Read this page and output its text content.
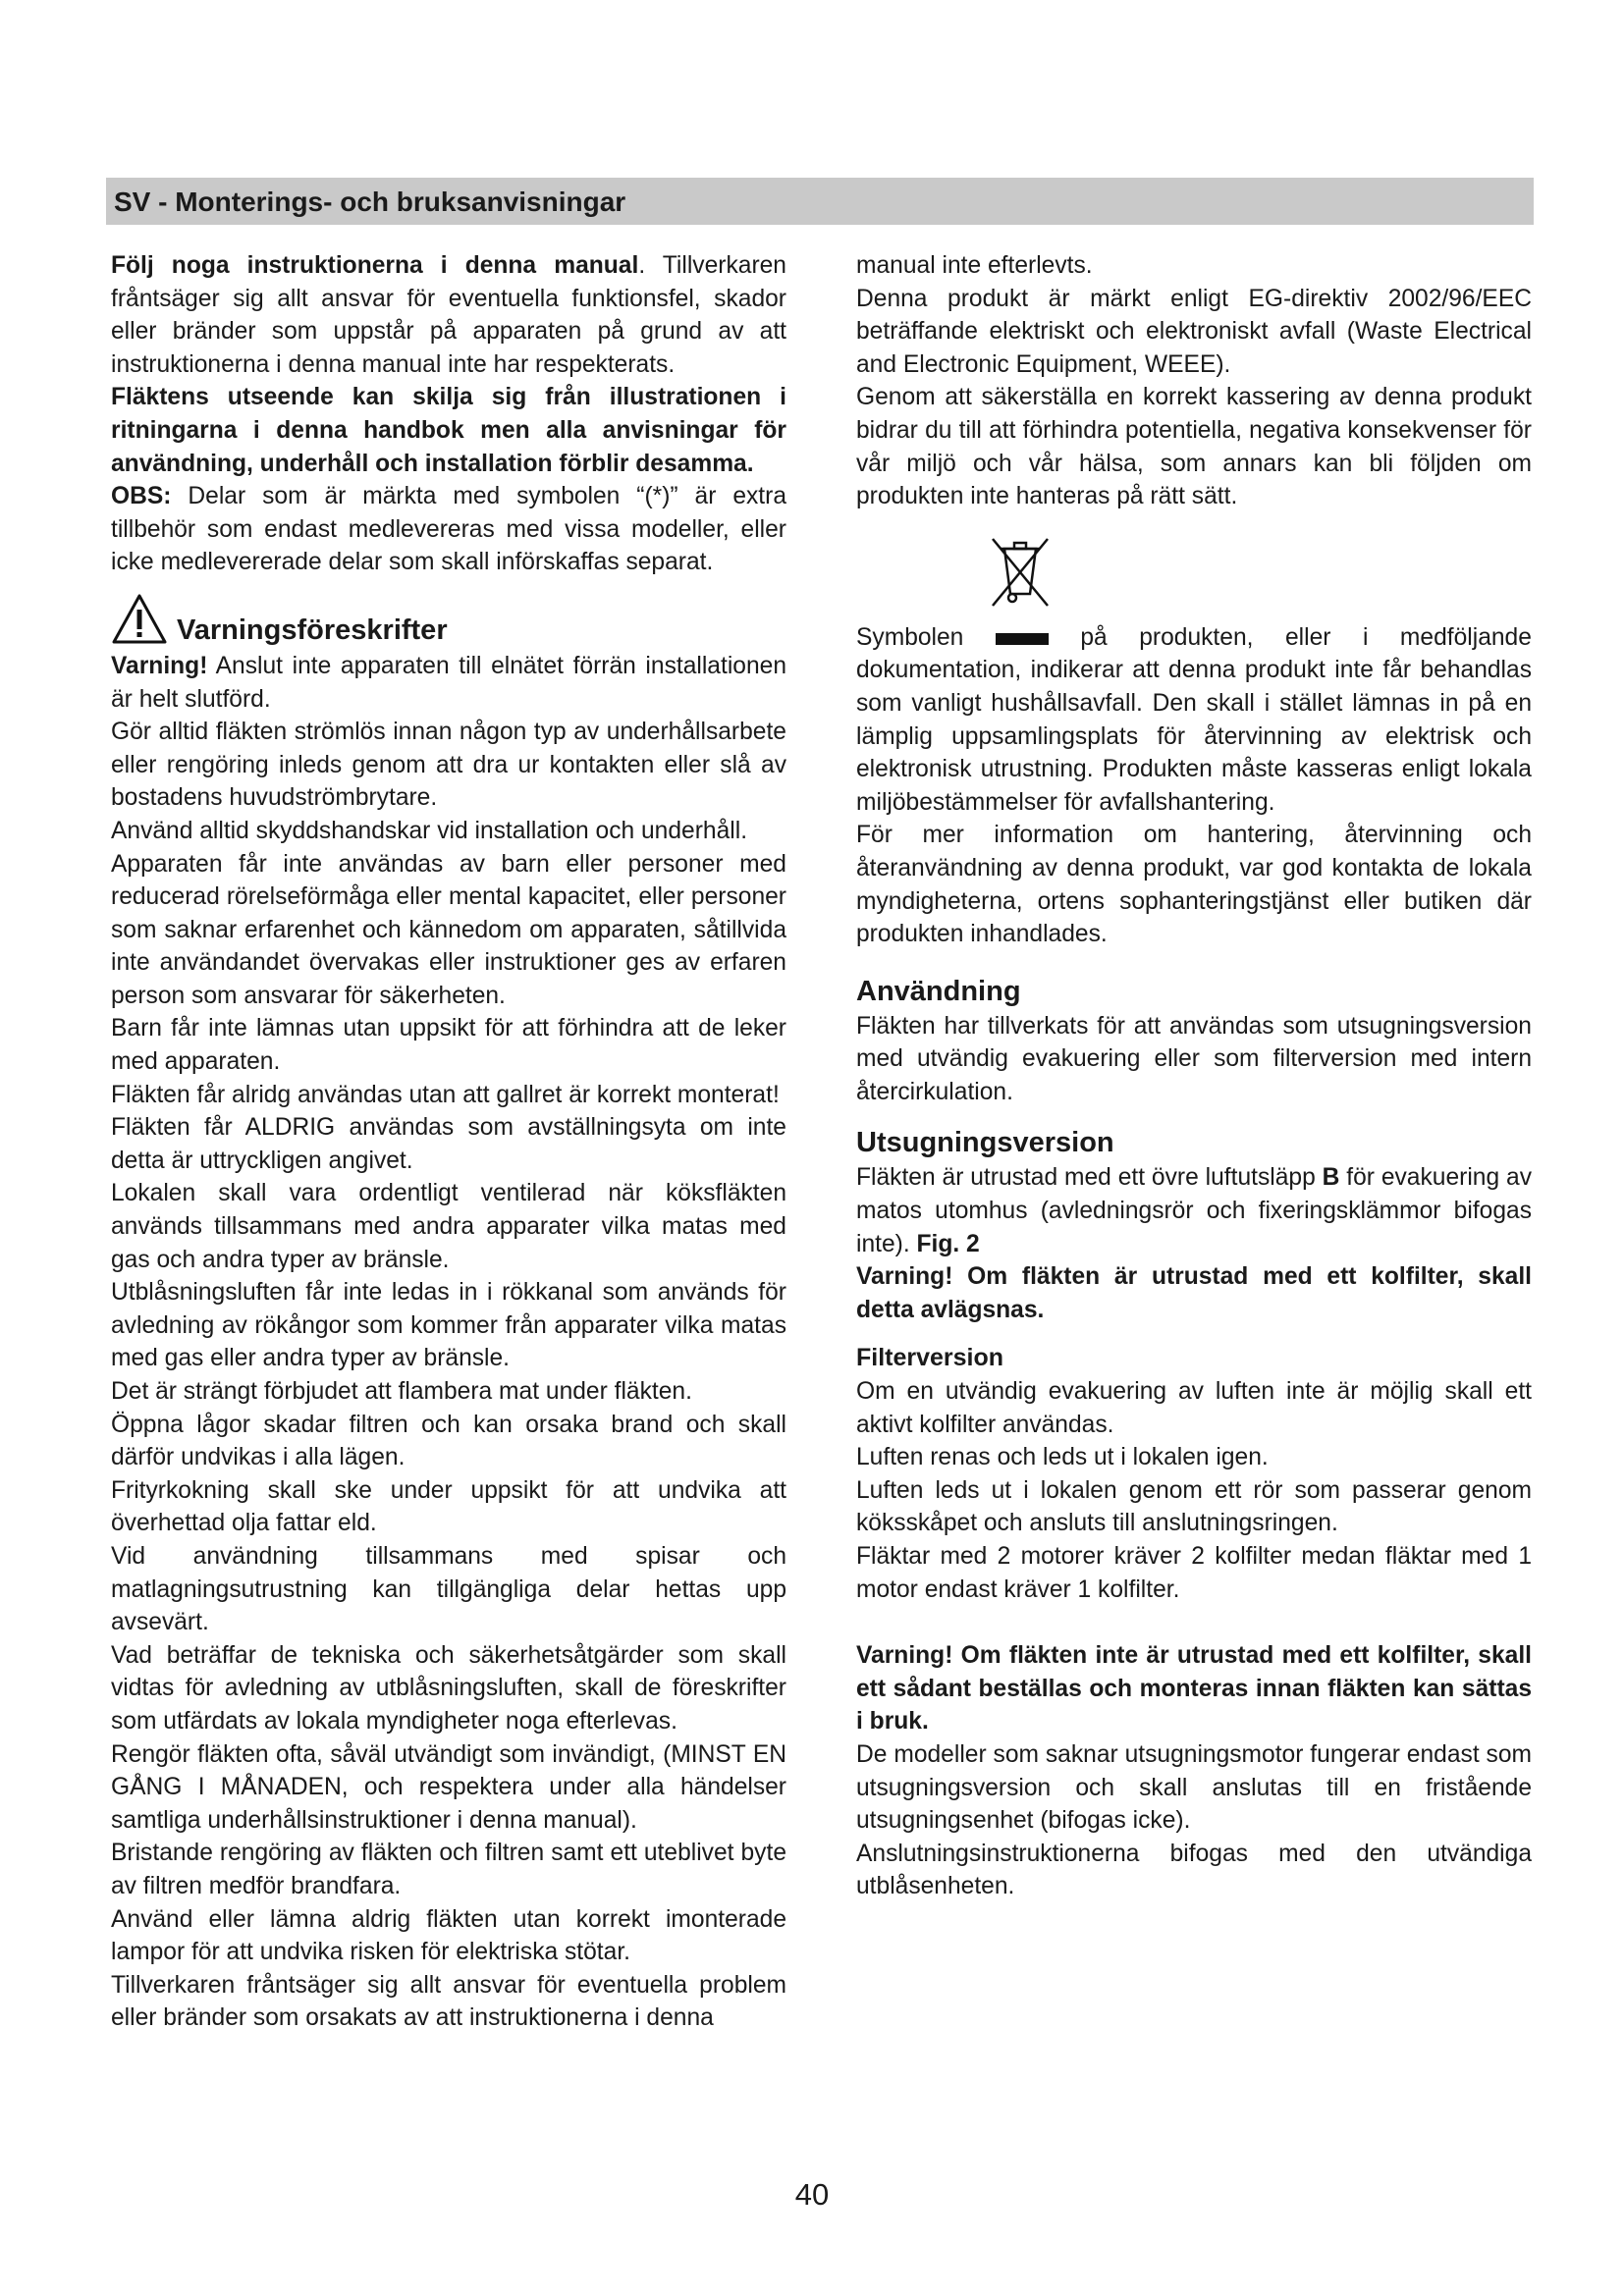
SV - Monterings- och bruksanvisningar

Följ noga instruktionerna i denna manual. Tillverkaren fråntsäger sig allt ansvar för eventuella funktionsfel, skador eller bränder som uppstår på apparaten på grund av att instruktionerna i denna manual inte har respekterats.

Fläktens utseende kan skilja sig från illustrationen i ritningarna i denna handbok men alla anvisningar för användning, underhåll och installation förblir desamma.

OBS: Delar som är märkta med symbolen “(*)” är extra tillbehör som endast medlevereras med vissa modeller, eller icke medlevererade delar som skall införskaffas separat.

Varningsföreskrifter

Varning! Anslut inte apparaten till elnätet förrän installationen är helt slutförd.

Gör alltid fläkten strömlös innan någon typ av underhållsarbete eller rengöring inleds genom att dra ur kontakten eller slå av bostadens huvudströmbrytare.

Använd alltid skyddshandskar vid installation och underhåll.

Apparaten får inte användas av barn eller personer med reducerad rörelseförmåga eller mental kapacitet, eller personer som saknar erfarenhet och kännedom om apparaten, såtillvida inte användandet övervakas eller instruktioner ges av erfaren person som ansvarar för säkerheten.

Barn får inte lämnas utan uppsikt för att förhindra att de leker med apparaten.

Fläkten får alridg användas utan att gallret är korrekt monterat!

Fläkten får ALDRIG användas som avställningsyta om inte detta är uttryckligen angivet.

Lokalen skall vara ordentligt ventilerad när köksfläkten används tillsammans med andra apparater vilka matas med gas och andra typer av bränsle.

Utblåsningsluften får inte ledas in i rökkanal som används för avledning av rökångor som kommer från apparater vilka matas med gas eller andra typer av bränsle.

Det är strängt förbjudet att flambera mat under fläkten.

Öppna lågor skadar filtren och kan orsaka brand och skall därför undvikas i alla lägen.

Frityrkokning skall ske under uppsikt för att undvika att överhettad olja fattar eld.

Vid användning tillsammans med spisar och matlagningsutrustning kan tillgängliga delar hettas upp avsevärt.

Vad beträffar de tekniska och säkerhetsåtgärder som skall vidtas för avledning av utblåsningsluften, skall de föreskrifter som utfärdats av lokala myndigheter noga efterlevas.

Rengör fläkten ofta, såväl utvändigt som invändigt, (MINST EN GÅNG I MÅNADEN, och respektera under alla händelser samtliga underhållsinstruktioner i denna manual).

Bristande rengöring av fläkten och filtren samt ett uteblivet byte av filtren medför brandfara.

Använd eller lämna aldrig fläkten utan korrekt imonterade lampor för att undvika risken för elektriska stötar.

Tillverkaren fråntsäger sig allt ansvar för eventuella problem eller bränder som orsakats av att instruktionerna i denna

manual inte efterlevts.

Denna produkt är märkt enligt EG-direktiv 2002/96/EEC beträffande elektriskt och elektroniskt avfall (Waste Electrical and Electronic Equipment, WEEE).

Genom att säkerställa en korrekt kassering av denna produkt bidrar du till att förhindra potentiella, negativa konsekvenser för vår miljö och vår hälsa, som annars kan bli följden om produkten inte hanteras på rätt sätt.

Symbolen	på produkten, eller i medföljande

dokumentation, indikerar att denna produkt inte får behandlas som vanligt hushållsavfall. Den skall i stället lämnas in på en lämplig uppsamlingsplats för återvinning av elektrisk och elektronisk utrustning. Produkten måste kasseras enligt lokala miljöbestämmelser för avfallshantering.

För mer information om hantering, återvinning och återanvändning av denna produkt, var god kontakta de lokala myndigheterna, ortens sophanteringstjänst eller butiken där produkten inhandlades.

Användning

Fläkten har tillverkats för att användas som utsugningsversion med utvändig evakuering eller som filterversion med intern återcirkulation.

Utsugningsversion

Fläkten är utrustad med ett övre luftutsläpp B för evakuering av matos utomhus (avledningsrör och fixeringsklämmor bifogas inte). Fig. 2

Varning! Om fläkten är utrustad med ett kolfilter, skall detta avlägsnas.

Filterversion

Om en utvändig evakuering av luften inte är möjlig skall ett aktivt kolfilter användas.

Luften renas och leds ut i lokalen igen.

Luften leds ut i lokalen genom ett rör som passerar genom köksskåpet och ansluts till anslutningsringen.

Fläktar med 2 motorer kräver 2 kolfilter medan fläktar med 1 motor endast kräver 1 kolfilter.

Varning! Om fläkten inte är utrustad med ett kolfilter, skall ett sådant beställas och monteras innan fläkten kan sättas i bruk.

De modeller som saknar utsugningsmotor fungerar endast som utsugningsversion och skall anslutas till en fristående utsugningsenhet (bifogas icke).

Anslutningsinstruktionerna bifogas med den utvändiga utblåsenheten.

40
